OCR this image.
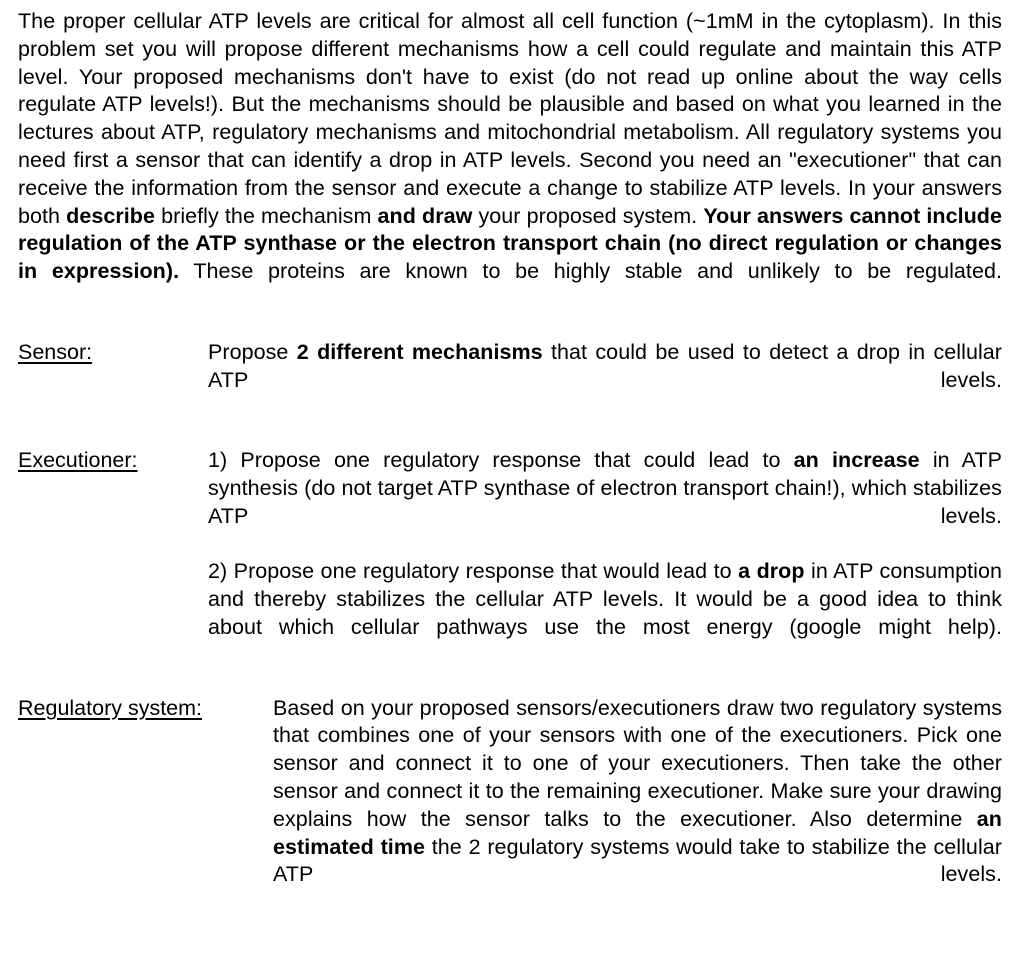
The proper cellular ATP levels are critical for almost all cell function (~1mM in the cytoplasm). In this problem set you will propose different mechanisms how a cell could regulate and maintain this ATP level. Your proposed mechanisms don't have to exist (do not read up online about the way cells regulate ATP levels!). But the mechanisms should be plausible and based on what you learned in the lectures about ATP, regulatory mechanisms and mitochondrial metabolism. All regulatory systems you need first a sensor that can identify a drop in ATP levels. Second you need an "executioner" that can receive the information from the sensor and execute a change to stabilize ATP levels. In your answers both describe briefly the mechanism and draw your proposed system. Your answers cannot include regulation of the ATP synthase or the electron transport chain (no direct regulation or changes in expression). These proteins are known to be highly stable and unlikely to be regulated.

Sensor:	Propose 2 different mechanisms that could be used to detect a drop in cellular ATP levels.

Executioner:	1) Propose one regulatory response that could lead to an increase in ATP synthesis (do not target ATP synthase of electron transport chain!), which stabilizes ATP levels.

2) Propose one regulatory response that would lead to a drop in ATP consumption and thereby stabilizes the cellular ATP levels. It would be a good idea to think about which cellular pathways use the most energy (google might help).

Regulatory system:	Based on your proposed sensors/executioners draw two regulatory systems that combines one of your sensors with one of the executioners. Pick one sensor and connect it to one of your executioners. Then take the other sensor and connect it to the remaining executioner. Make sure your drawing explains how the sensor talks to the executioner. Also determine an estimated time the 2 regulatory systems would take to stabilize the cellular ATP levels.
